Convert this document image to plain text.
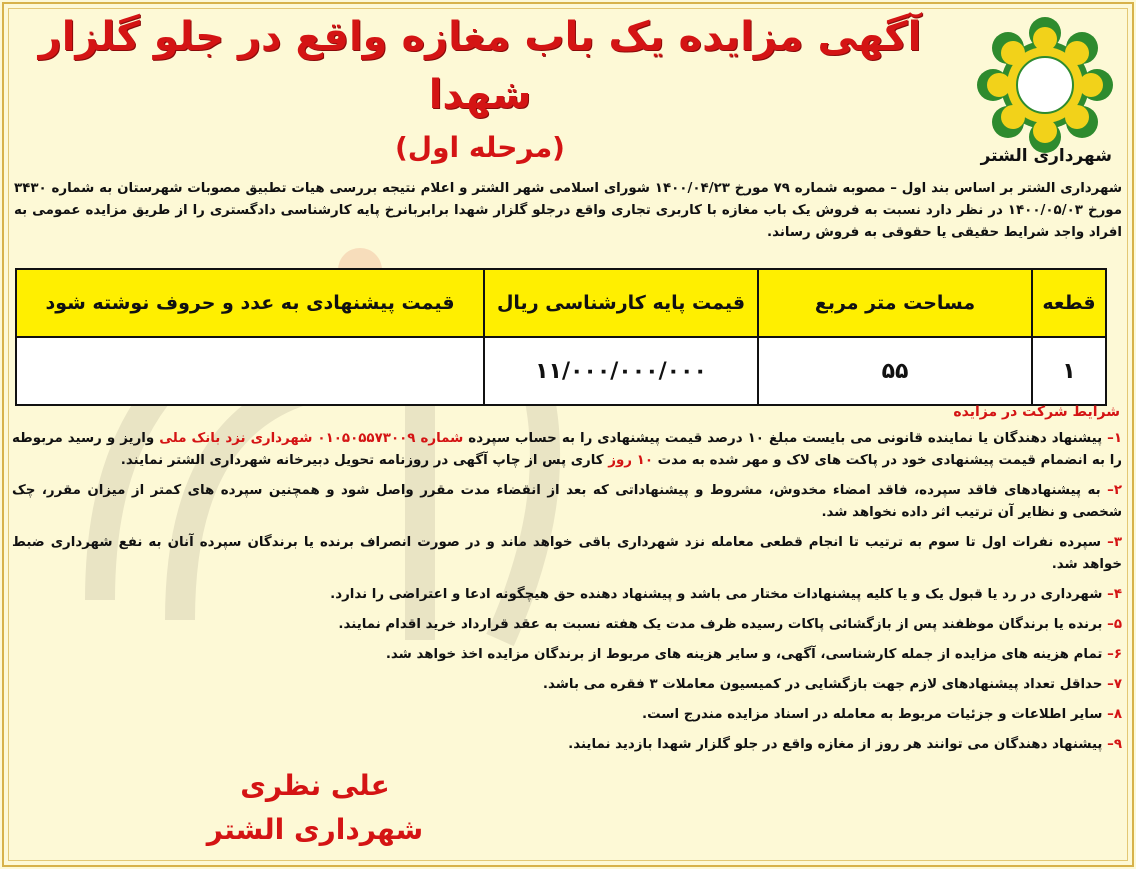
آگهی مزایده یک باب مغازه واقع در جلو گلزار شهدا
(مرحله اول)	شهرداری الشتر
شهرداری الشتر بر اساس بند اول – مصوبه شماره ۷۹ مورخ ۱۴۰۰/۰۴/۲۳ شورای اسلامی شهر الشتر و اعلام نتیجه بررسی هیات تطبیق مصوبات شهرستان به شماره ۳۴۳۰ مورخ ۱۴۰۰/۰۵/۰۳ در نظر دارد نسبت به فروش یک باب مغازه با کاربری تجاری واقع درجلو گلزار شهدا برابربانرخ پایه کارشناسی دادگستری را از طریق مزایده عمومی به افراد واجد شرایط حقیقی یا حقوقی به فروش رساند.
قطعه	مساحت متر مربع	قیمت پایه کارشناسی ریال	قیمت پیشنهادی به عدد و حروف نوشته شود
۱	۵۵	۱۱/۰۰۰/۰۰۰/۰۰۰	
شرایط شرکت در مزایده
۱– پیشنهاد دهندگان یا نماینده قانونی می بایست مبلغ ۱۰ درصد قیمت پیشنهادی را به حساب سپرده شماره ۰۱۰۵۰۵۵۷۳۰۰۹ شهرداری نزد بانک ملی واریز و رسید مربوطه را به انضمام قیمت پیشنهادی خود در پاکت های لاک و مهر شده به مدت ۱۰ روز کاری پس از چاپ آگهی در روزنامه تحویل دبیرخانه شهرداری الشتر نمایند.
۲– به پیشنهادهای فاقد سپرده، فاقد امضاء مخدوش، مشروط و پیشنهاداتی که بعد از انقضاء مدت مقرر واصل شود و همچنین سپرده های کمتر از میزان مقرر، چک شخصی و نظایر آن ترتیب اثر داده نخواهد شد.
۳– سپرده نفرات اول تا سوم به ترتیب تا انجام قطعی معامله نزد شهرداری باقی خواهد ماند و در صورت انصراف برنده یا برندگان سپرده آنان به نفع شهرداری ضبط خواهد شد.
۴– شهرداری در رد یا قبول یک و یا کلیه پیشنهادات مختار می باشد و پیشنهاد دهنده حق هیچگونه ادعا و اعتراضی را ندارد.
۵– برنده یا برندگان موظفند پس از بازگشائی پاکات رسیده ظرف مدت یک هفته نسبت به عقد قرارداد خرید اقدام نمایند.
۶– تمام هزینه های مزایده از جمله کارشناسی، آگهی، و سایر هزینه های مربوط از برندگان مزایده اخذ خواهد شد.
۷– حداقل تعداد پیشنهادهای لازم جهت بازگشایی در کمیسیون معاملات ۳ فقره می باشد.
۸– سایر اطلاعات و جزئیات مربوط به معامله در اسناد مزایده مندرج است.
۹– پیشنهاد دهندگان می توانند هر روز از مغازه واقع در جلو گلزار شهدا بازدید نمایند.
علی نظری
شهرداری الشتر
